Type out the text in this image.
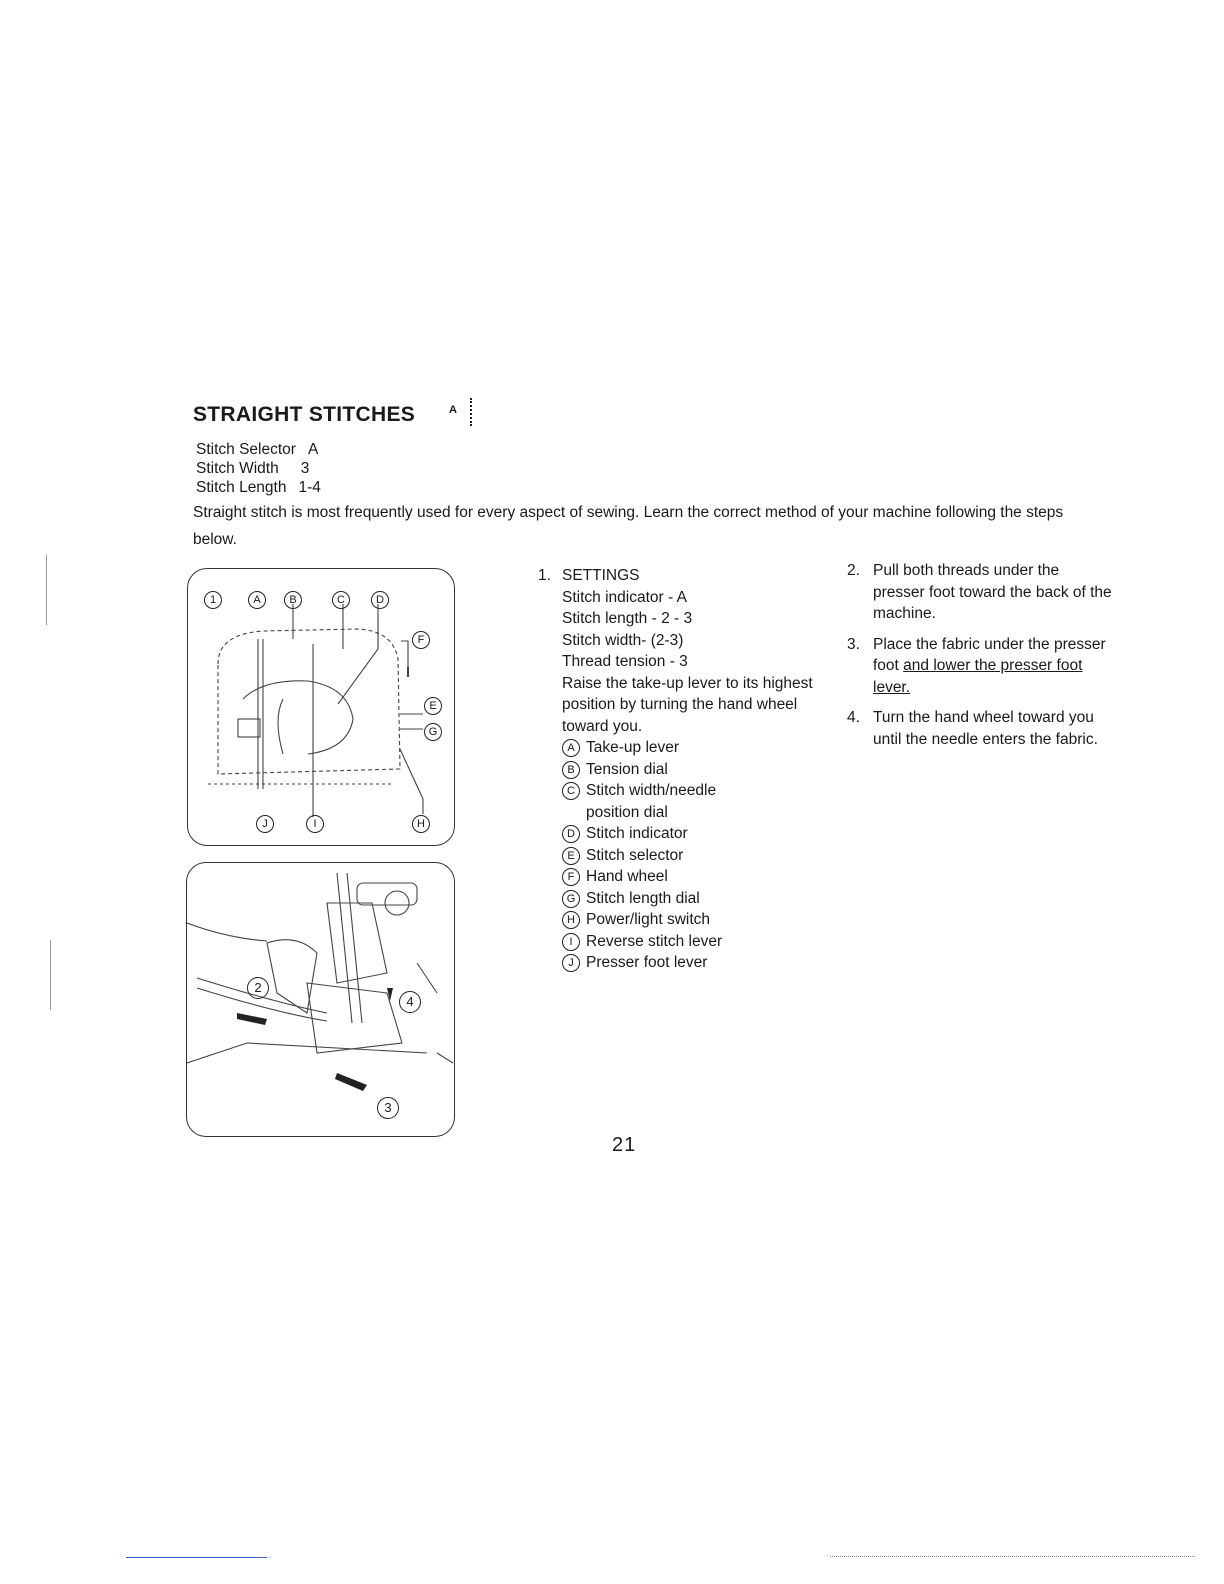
STRAIGHT STITCHES	A
Stitch Selector A
Stitch Width 3
Stitch Length 1-4
Straight stitch is most frequently used for every aspect of sewing. Learn the correct method of your machine following the steps below.
1	A	B	C	D
F
E
G
H
J	I
2
4
3
1. SETTINGS
Stitch indicator - A
Stitch length - 2 - 3
Stitch width- (2-3)
Thread tension - 3
Raise the take-up lever to its highest position by turning the hand wheel toward you.
A Take-up lever
B Tension dial
C Stitch width/needle position dial
D Stitch indicator
E Stitch selector
F Hand wheel
G Stitch length dial
H Power/light switch
I Reverse stitch lever
J Presser foot lever
2. Pull both threads under the presser foot toward the back of the machine.
3. Place the fabric under the presser foot and lower the presser foot lever.
4. Turn the hand wheel toward you until the needle enters the fabric.
21
